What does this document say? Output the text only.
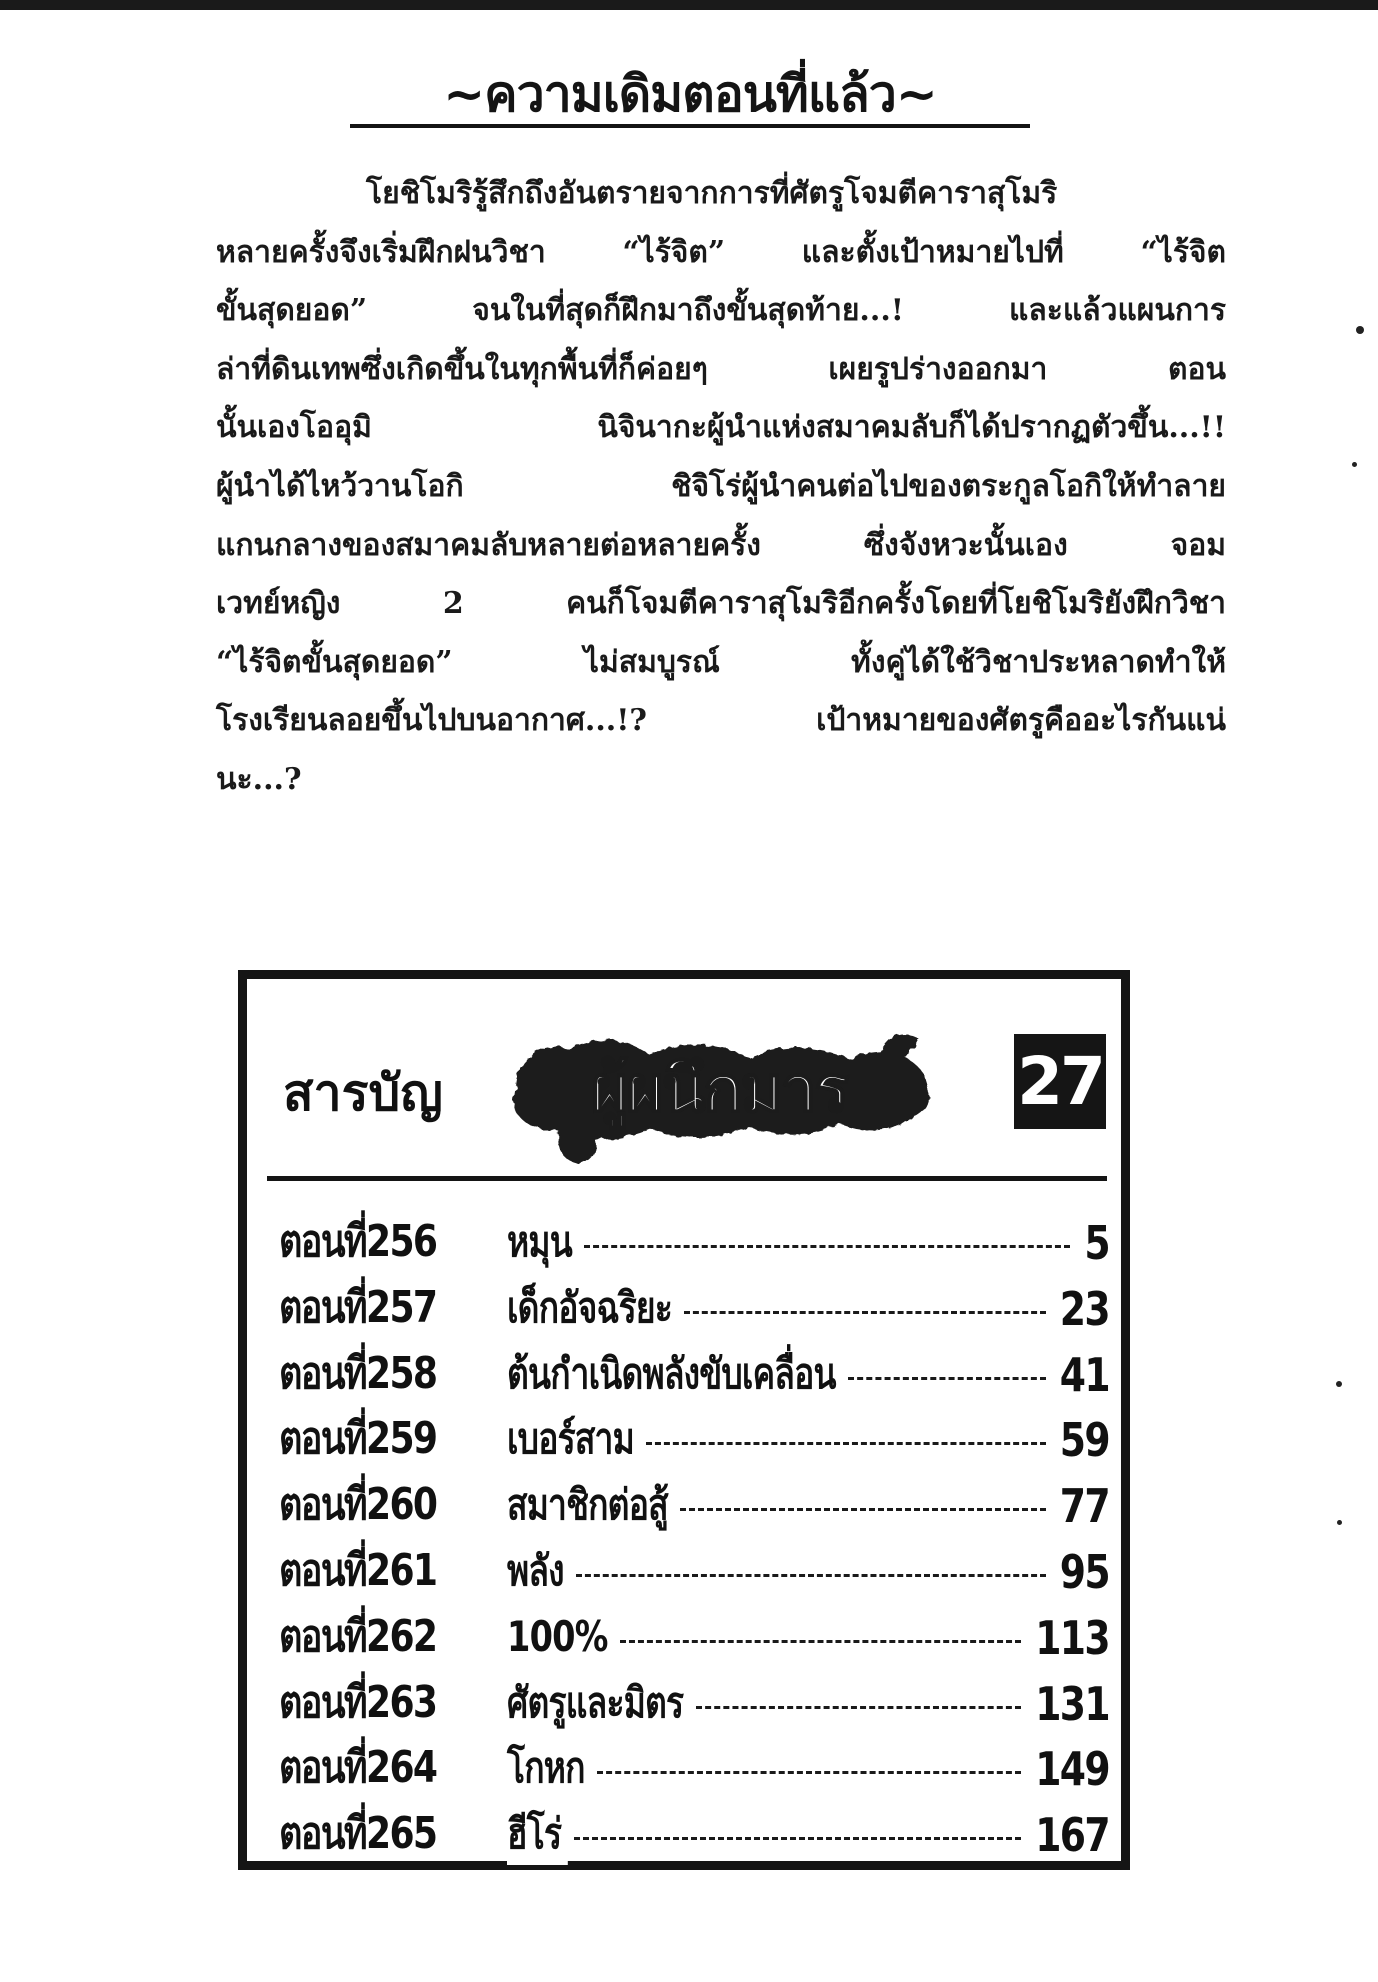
~ความเดิมตอนที่แล้ว~
โยชิโมริรู้สึกถึงอันตรายจากการที่ศัตรูโจมตีคาราสุโมริ
หลายครั้งจึงเริ่มฝึกฝนวิชา	“ไร้จิต”	และตั้งเป้าหมายไปที่	“ไร้จิต
ขั้นสุดยอด”	จนในที่สุดก็ฝึกมาถึงขั้นสุดท้าย...!	และแล้วแผนการ
ล่าที่ดินเทพซึ่งเกิดขึ้นในทุกพื้นที่ก็ค่อยๆ	เผยรูปร่างออกมา	ตอน
นั้นเองโออุมิ	นิจินากะผู้นำแห่งสมาคมลับก็ได้ปรากฏตัวขึ้น...!!
ผู้นำได้ไหว้วานโอกิ	ชิจิโร่ผู้นำคนต่อไปของตระกูลโอกิให้ทำลาย
แกนกลางของสมาคมลับหลายต่อหลายครั้ง	ซึ่งจังหวะนั้นเอง	จอม
เวทย์หญิง	2	คนก็โจมตีคาราสุโมริอีกครั้งโดยที่โยชิโมริยังฝึกวิชา
“ไร้จิตขั้นสุดยอด”	ไม่สมบูรณ์	ทั้งคู่ได้ใช้วิชาประหลาดทำให้
โรงเรียนลอยขึ้นไปบนอากาศ...!?	เป้าหมายของศัตรูคืออะไรกันแน่
นะ...?
สารบัญ ผู้ผนึกมาร	27
ตอนที่256 หมุน	5
ตอนที่257 เด็กอัจฉริยะ	23
ตอนที่258 ต้นกำเนิดพลังขับเคลื่อน	41
ตอนที่259 เบอร์สาม	59
ตอนที่260 สมาชิกต่อสู้	77
ตอนที่261 พลัง	95
ตอนที่262 100%	113
ตอนที่263 ศัตรูและมิตร	131
ตอนที่264 โกหก	149
ตอนที่265 ฮีโร่	167
